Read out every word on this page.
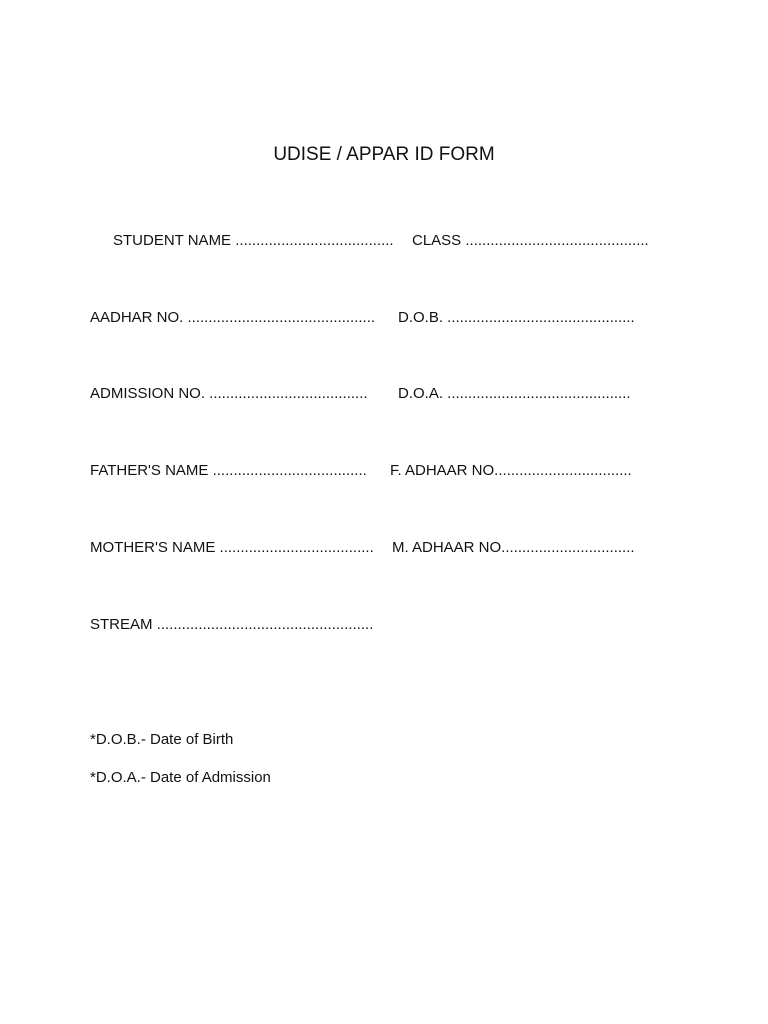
UDISE / APPAR ID FORM
STUDENT NAME ...................................... CLASS ............................................
AADHAR NO. ............................................. D.O.B. .............................................
ADMISSION NO. ...................................... D.O.A. ............................................
FATHER'S NAME ..................................... F. ADHAAR NO.................................
MOTHER'S NAME ..................................... M. ADHAAR NO................................
STREAM ....................................................
*D.O.B.- Date of Birth
*D.O.A.- Date of Admission
